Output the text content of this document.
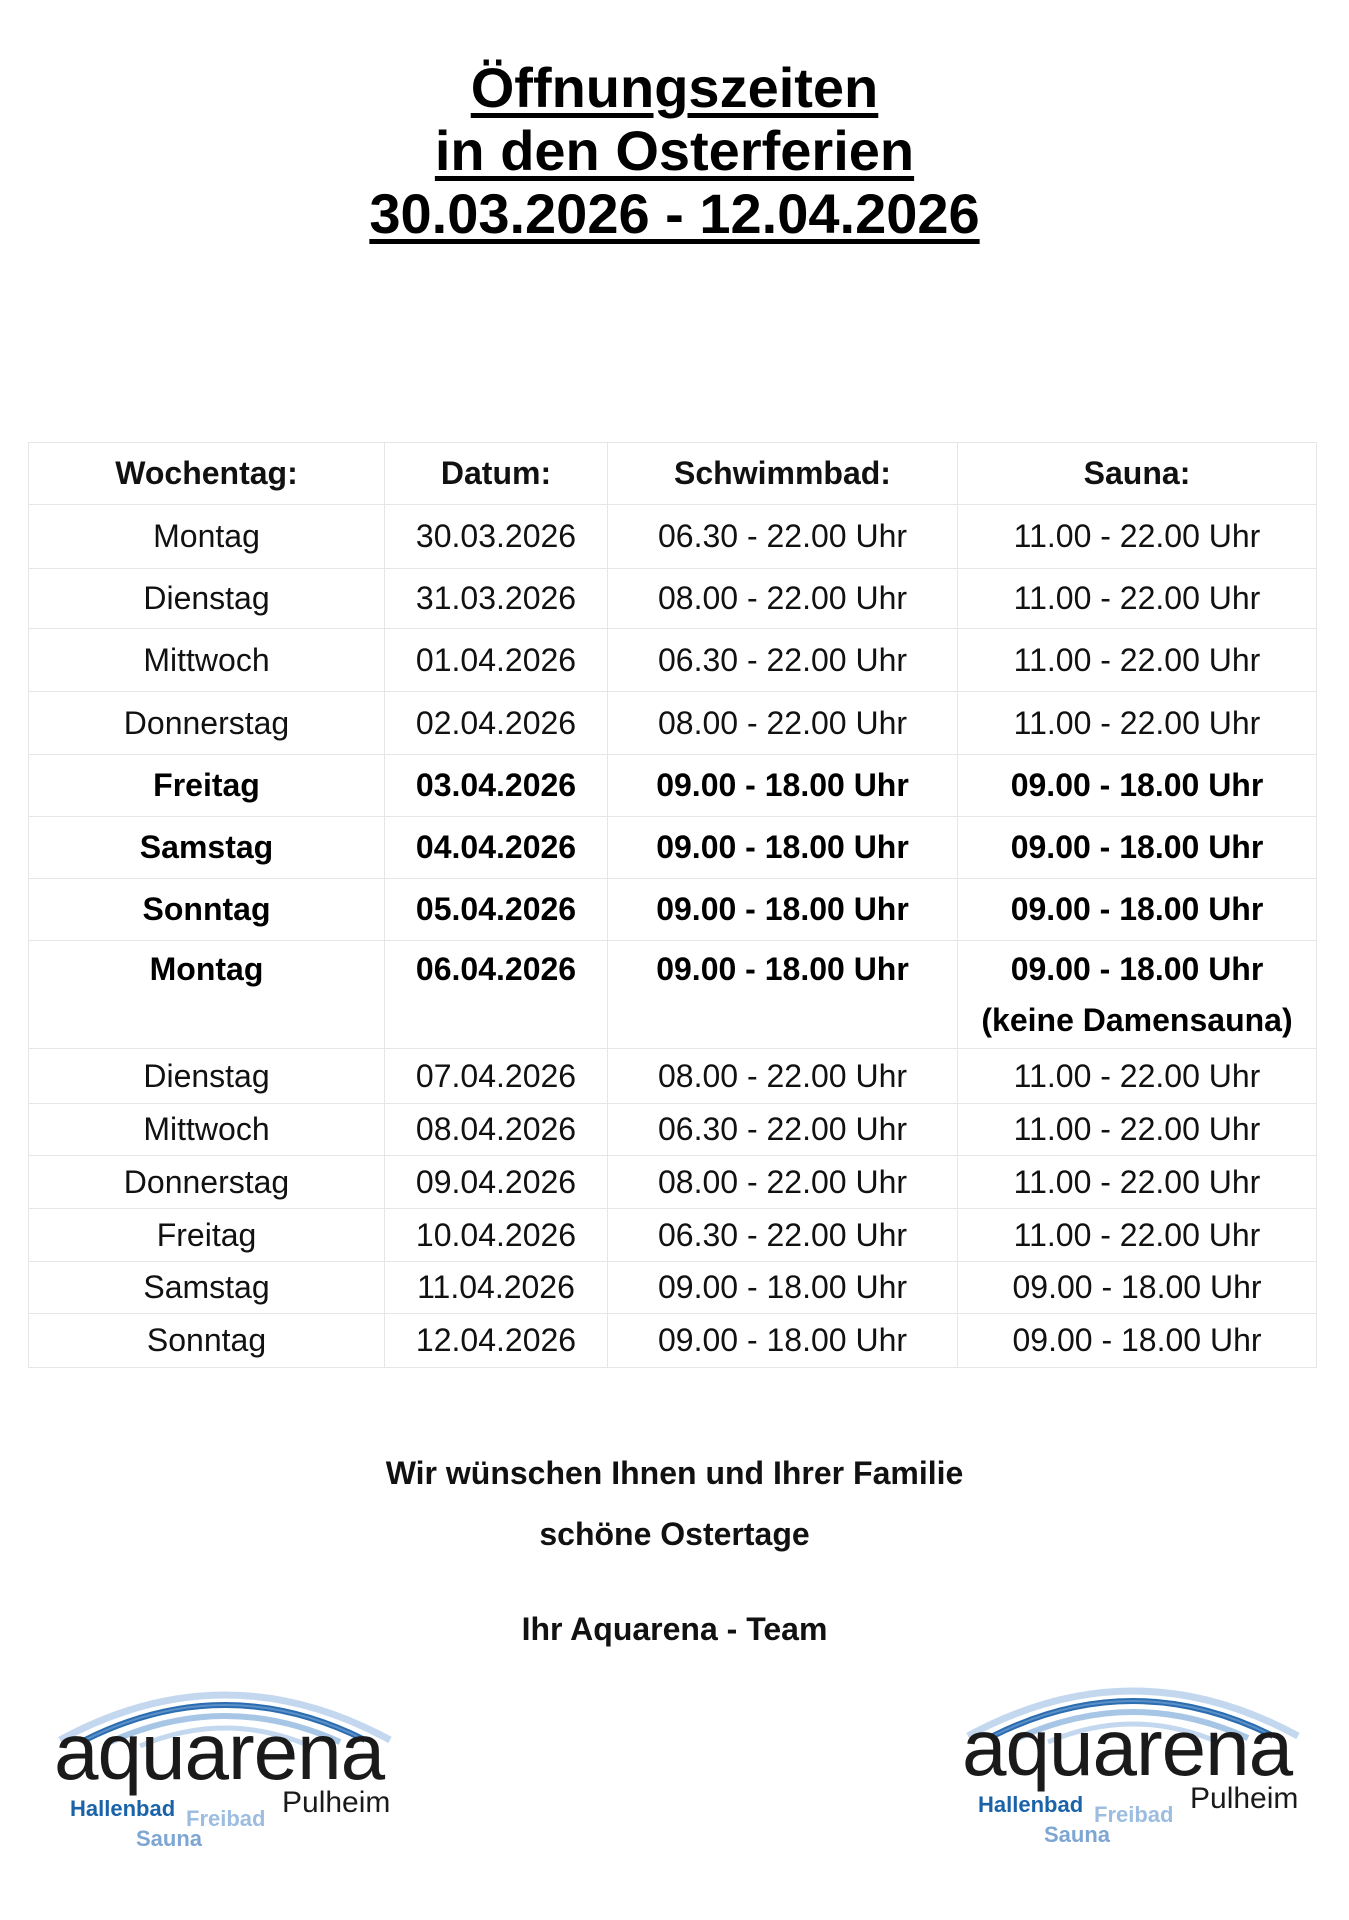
Öffnungszeiten
in den Osterferien
30.03.2026 - 12.04.2026
Wochentag:	Datum:	Schwimmbad:	Sauna:
Montag	30.03.2026	06.30 - 22.00 Uhr	11.00 - 22.00 Uhr
Dienstag	31.03.2026	08.00 - 22.00 Uhr	11.00 - 22.00 Uhr
Mittwoch	01.04.2026	06.30 - 22.00 Uhr	11.00 - 22.00 Uhr
Donnerstag	02.04.2026	08.00 - 22.00 Uhr	11.00 - 22.00 Uhr
Freitag	03.04.2026	09.00 - 18.00 Uhr	09.00 - 18.00 Uhr
Samstag	04.04.2026	09.00 - 18.00 Uhr	09.00 - 18.00 Uhr
Sonntag	05.04.2026	09.00 - 18.00 Uhr	09.00 - 18.00 Uhr
Montag	06.04.2026	09.00 - 18.00 Uhr	09.00 - 18.00 Uhr
(keine Damensauna)

Dienstag	07.04.2026	08.00 - 22.00 Uhr	11.00 - 22.00 Uhr
Mittwoch	08.04.2026	06.30 - 22.00 Uhr	11.00 - 22.00 Uhr
Donnerstag	09.04.2026	08.00 - 22.00 Uhr	11.00 - 22.00 Uhr
Freitag	10.04.2026	06.30 - 22.00 Uhr	11.00 - 22.00 Uhr
Samstag	11.04.2026	09.00 - 18.00 Uhr	09.00 - 18.00 Uhr
Sonntag	12.04.2026	09.00 - 18.00 Uhr	09.00 - 18.00 Uhr
Wir wünschen Ihnen und Ihrer Familie
schöne Ostertage
Ihr Aquarena - Team
aquarena
Pulheim
Hallenbad Freibad
Sauna
aquarena
Pulheim
Hallenbad Freibad
Sauna
